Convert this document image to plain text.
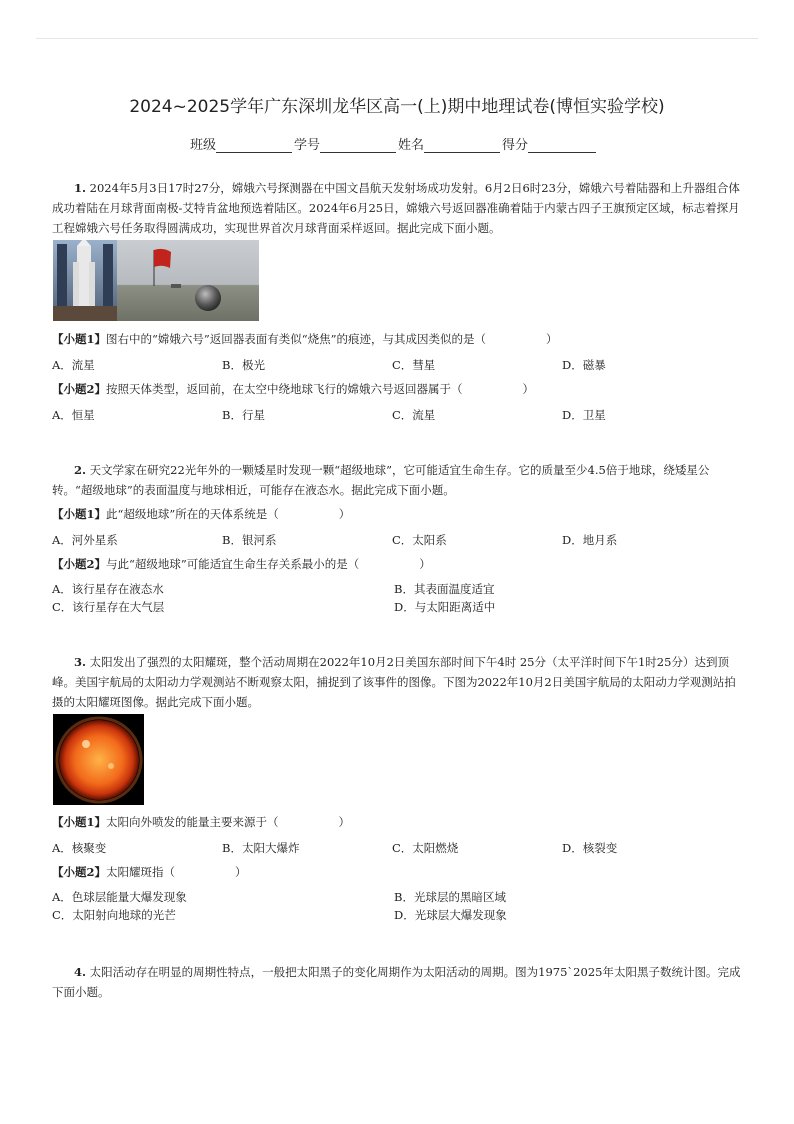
2024~2025学年广东深圳龙华区高一(上)期中地理试卷(博恒实验学校)
班级	学号	姓名	得分
1. 2024年5月3日17时27分，嫦娥六号探测器在中国文昌航天发射场成功发射。6月2日6时23分，嫦娥六号着陆器和上升器组合体成功着陆在月球背面南极-艾特肯盆地预选着陆区。2024年6月25日，嫦娥六号返回器准确着陆于内蒙古四子王旗预定区域，标志着探月工程嫦娥六号任务取得圆满成功，实现世界首次月球背面采样返回。据此完成下面小题。
【小题1】图右中的“嫦娥六号”返回器表面有类似“烧焦”的痕迹，与其成因类似的是（	）
A．流星	B．极光	C．彗星	D．磁暴
【小题2】按照天体类型，返回前，在太空中绕地球飞行的嫦娥六号返回器属于（	）
A．恒星	B．行星	C．流星	D．卫星
2. 天文学家在研究22光年外的一颗矮星时发现一颗“超级地球”，它可能适宜生命生存。它的质量至少4.5倍于地球，绕矮星公转。“超级地球”的表面温度与地球相近，可能存在液态水。据此完成下面小题。
【小题1】此“超级地球”所在的天体系统是（	）
A．河外星系	B．银河系	C．太阳系	D．地月系
【小题2】与此“超级地球”可能适宜生命生存关系最小的是（	）
A．该行星存在液态水	B．其表面温度适宜
C．该行星存在大气层	D．与太阳距离适中
3. 太阳发出了强烈的太阳耀斑，整个活动周期在2022年10月2日美国东部时间下午4时 25分（太平洋时间下午1时25分）达到顶峰。美国宇航局的太阳动力学观测站不断观察太阳，捕捉到了该事件的图像。下图为2022年10月2日美国宇航局的太阳动力学观测站拍摄的太阳耀斑图像。据此完成下面小题。
【小题1】太阳向外喷发的能量主要来源于（	）
A．核聚变	B．太阳大爆炸	C．太阳燃烧	D．核裂变
【小题2】太阳耀斑指（	）
A．色球层能量大爆发现象	B．光球层的黑暗区域
C．太阳射向地球的光芒	D．光球层大爆发现象
4. 太阳活动存在明显的周期性特点，一般把太阳黑子的变化周期作为太阳活动的周期。图为1975`2025年太阳黑子数统计图。完成下面小题。
